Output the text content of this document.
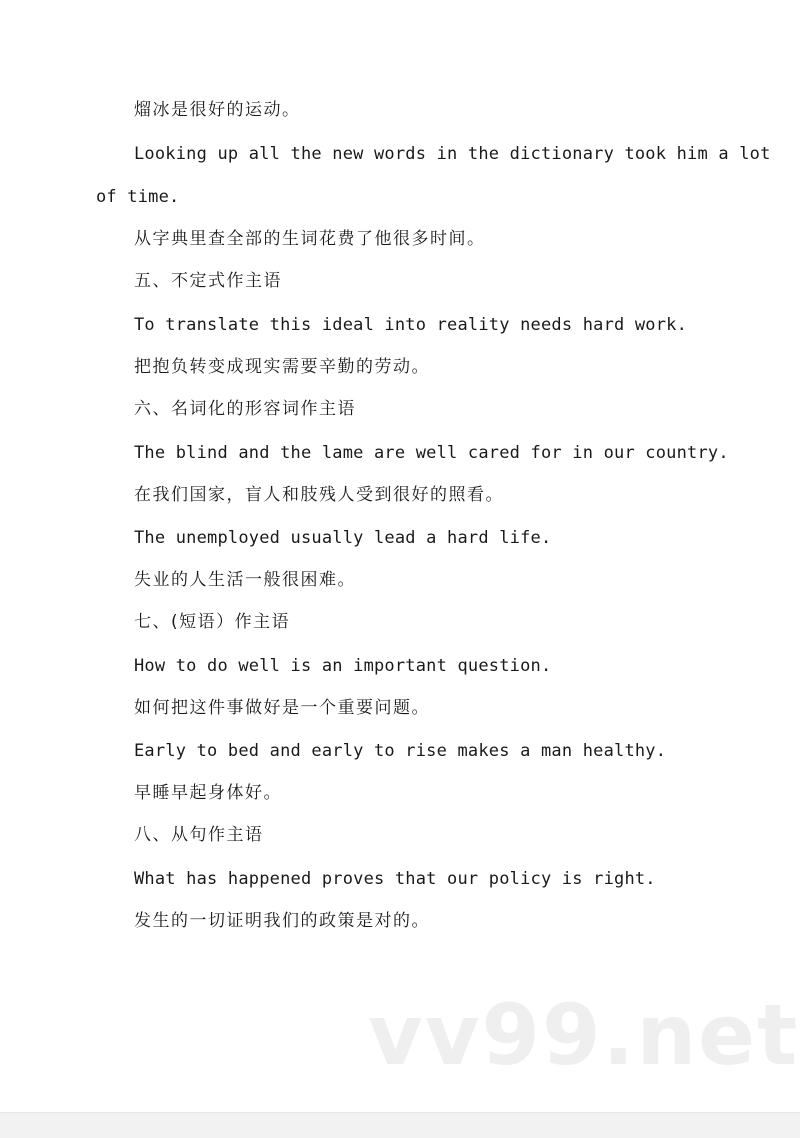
熘冰是很好的运动。
Looking up all the new words in the dictionary took him a lot
of time.
从字典里查全部的生词花费了他很多时间。
五、不定式作主语
To translate this ideal into reality needs hard work.
把抱负转变成现实需要辛勤的劳动。
六、名词化的形容词作主语
The blind and the lame are well cared for in our country.
在我们国家，盲人和肢残人受到很好的照看。
The unemployed usually lead a hard life.
失业的人生活一般很困难。
七、(短语）作主语
How to do well is an important question.
如何把这件事做好是一个重要问题。
Early to bed and early to rise makes a man healthy.
早睡早起身体好。
八、从句作主语
What has happened proves that our policy is right.
发生的一切证明我们的政策是对的。
vv99.net
